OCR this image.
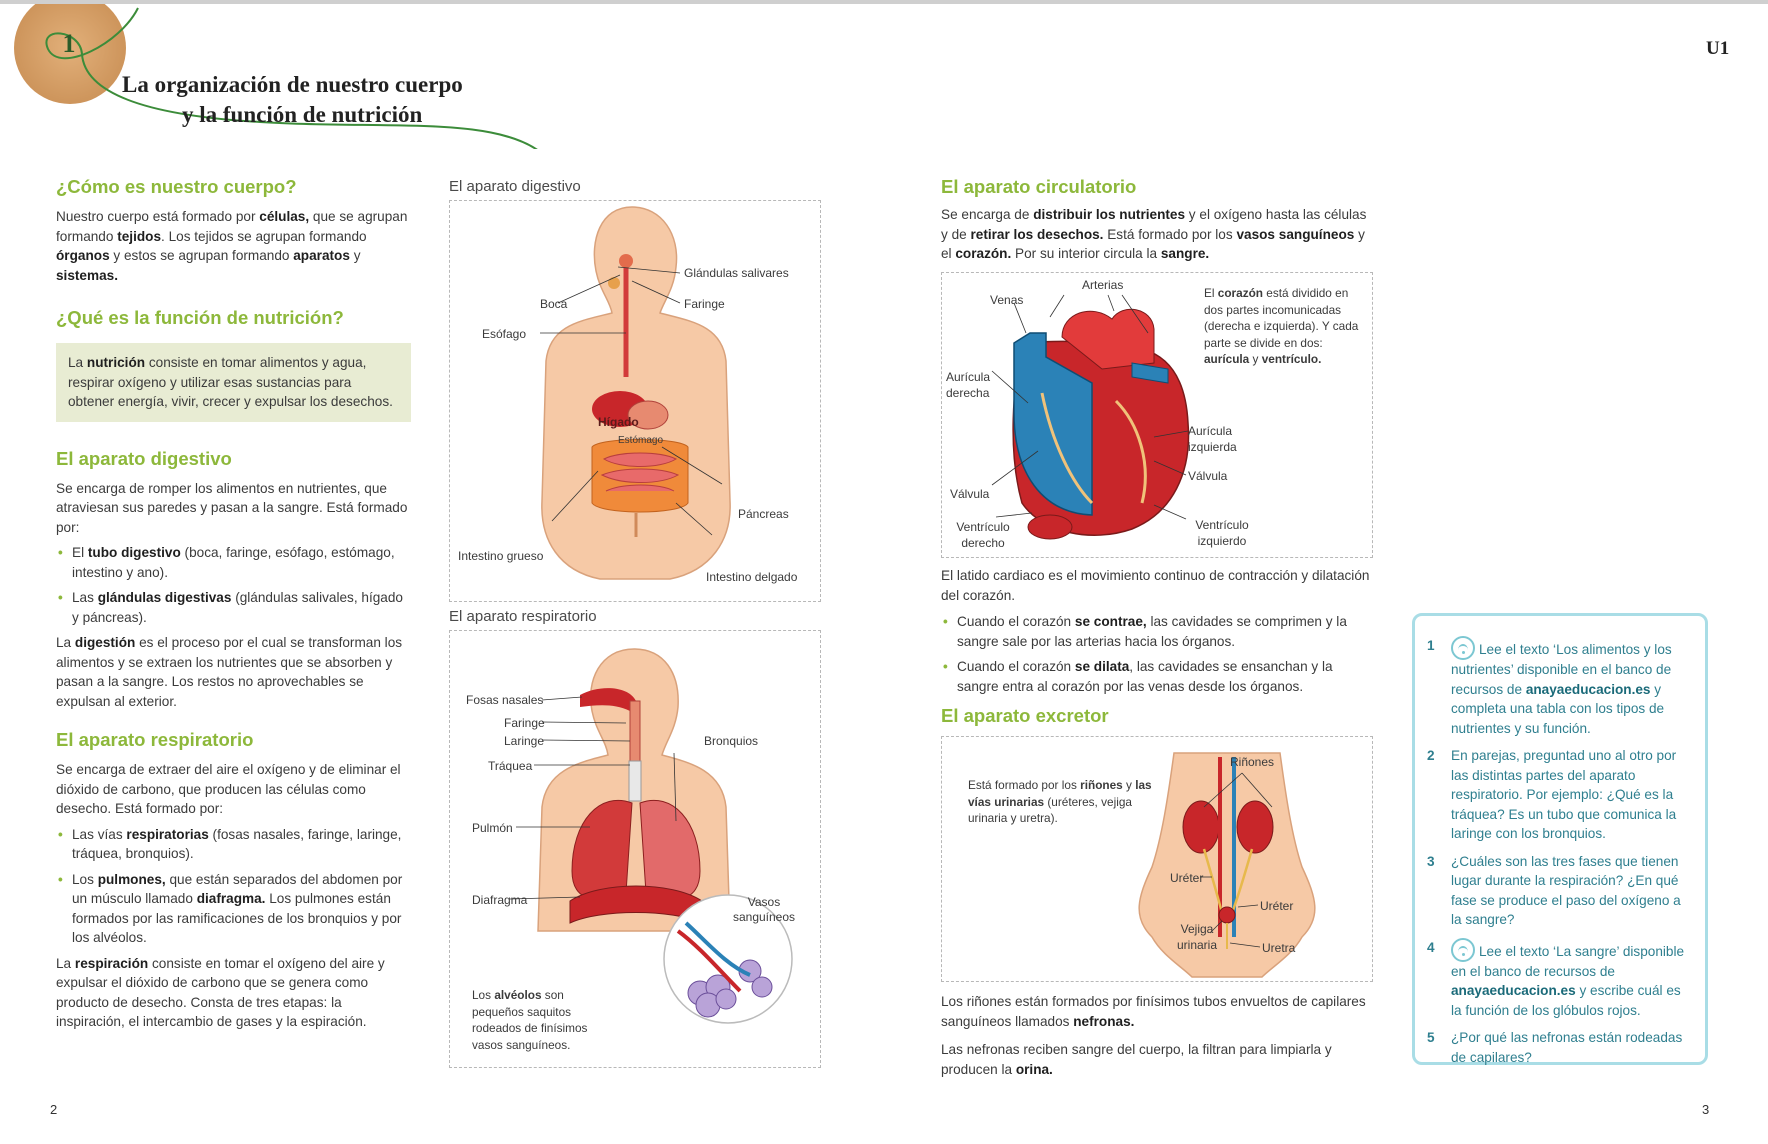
1
La organización de nuestro cuerpo
y la función de nutrición
U1
¿Cómo es nuestro cuerpo?

Nuestro cuerpo está formado por células, que se agrupan formando tejidos. Los tejidos se agrupan formando órganos y estos se agrupan formando aparatos y sistemas.

¿Qué es la función de nutrición?
La nutrición consiste en tomar alimentos y agua, respirar oxígeno y utilizar esas sustancias para obtener energía, vivir, crecer y expulsar los desechos.
El aparato digestivo

Se encarga de romper los alimentos en nutrientes, que atraviesan sus paredes y pasan a la sangre. Está formado por:

• El tubo digestivo (boca, faringe, esófago, estómago, intestino y ano).
• Las glándulas digestivas (glándulas salivales, hígado y páncreas).

La digestión es el proceso por el cual se transforman los alimentos y se extraen los nutrientes que se absorben y pasan a la sangre. Los restos no aprovechables se expulsan al exterior.

El aparato respiratorio

Se encarga de extraer del aire el oxígeno y de eliminar el dióxido de carbono, que producen las células como desecho. Está formado por:

• Las vías respiratorias (fosas nasales, faringe, laringe, tráquea, bronquios).
• Los pulmones, que están separados del abdomen por un músculo llamado diafragma. Los pulmones están formados por las ramificaciones de los bronquios y por los alvéolos.

La respiración consiste en tomar el oxígeno del aire y expulsar el dióxido de carbono que se genera como producto de desecho. Consta de tres etapas: la inspiración, el intercambio de gases y la espiración.

El aparato digestivo
Glándulas salivares
Boca	Faringe
Esófago
Hígado
Estómago
Páncreas
Intestino grueso
Intestino delgado
El aparato respiratorio
Fosas nasales
Faringe
Laringe	Bronquios
Tráquea
Pulmón
Diafragma	Vasos sanguíneos
Los alvéolos son pequeños saquitos rodeados de finísimos vasos sanguíneos.
El aparato circulatorio

Se encarga de distribuir los nutrientes y el oxígeno hasta las células y de retirar los desechos. Está formado por los vasos sanguíneos y el corazón. Por su interior circula la sangre.

Arterias
Venas
Aurícula derecha
Aurícula izquierda
Válvula
Válvula
Ventrículo derecho
Ventrículo izquierdo
El corazón está dividido en dos partes incomunicadas (derecha e izquierda). Y cada parte se divide en dos: aurícula y ventrículo.

El latido cardiaco es el movimiento continuo de contracción y dilatación del corazón.

• Cuando el corazón se contrae, las cavidades se comprimen y la sangre sale por las arterias hacia los órganos.
• Cuando el corazón se dilata, las cavidades se ensanchan y la sangre entra al corazón por las venas desde los órganos.
El aparato excretor
Riñones
Uréter
Uréter
Vejiga urinaria	Uretra
Está formado por los riñones y las vías urinarias (uréteres, vejiga urinaria y uretra).

Los riñones están formados por finísimos tubos envueltos de capilares sanguíneos llamados nefronas.

Las nefronas reciben sangre del cuerpo, la filtran para limpiarla y producen la orina.

1	Lee el texto ‘Los alimentos y los nutrientes’ disponible en el banco de recursos de anayaeducacion.es y completa una tabla con los tipos de nutrientes y su función.
2 En parejas, preguntad uno al otro por las distintas partes del aparato respiratorio. Por ejemplo: ¿Qué es la tráquea? Es un tubo que comunica la laringe con los bronquios.
3 ¿Cuáles son las tres fases que tienen lugar durante la respiración? ¿En qué fase se produce el paso del oxígeno a la sangre?
4	Lee el texto ‘La sangre’ disponible en el banco de recursos de anayaeducacion.es y escribe cuál es la función de los glóbulos rojos.
5 ¿Por qué las nefronas están rodeadas de capilares?
2	3
